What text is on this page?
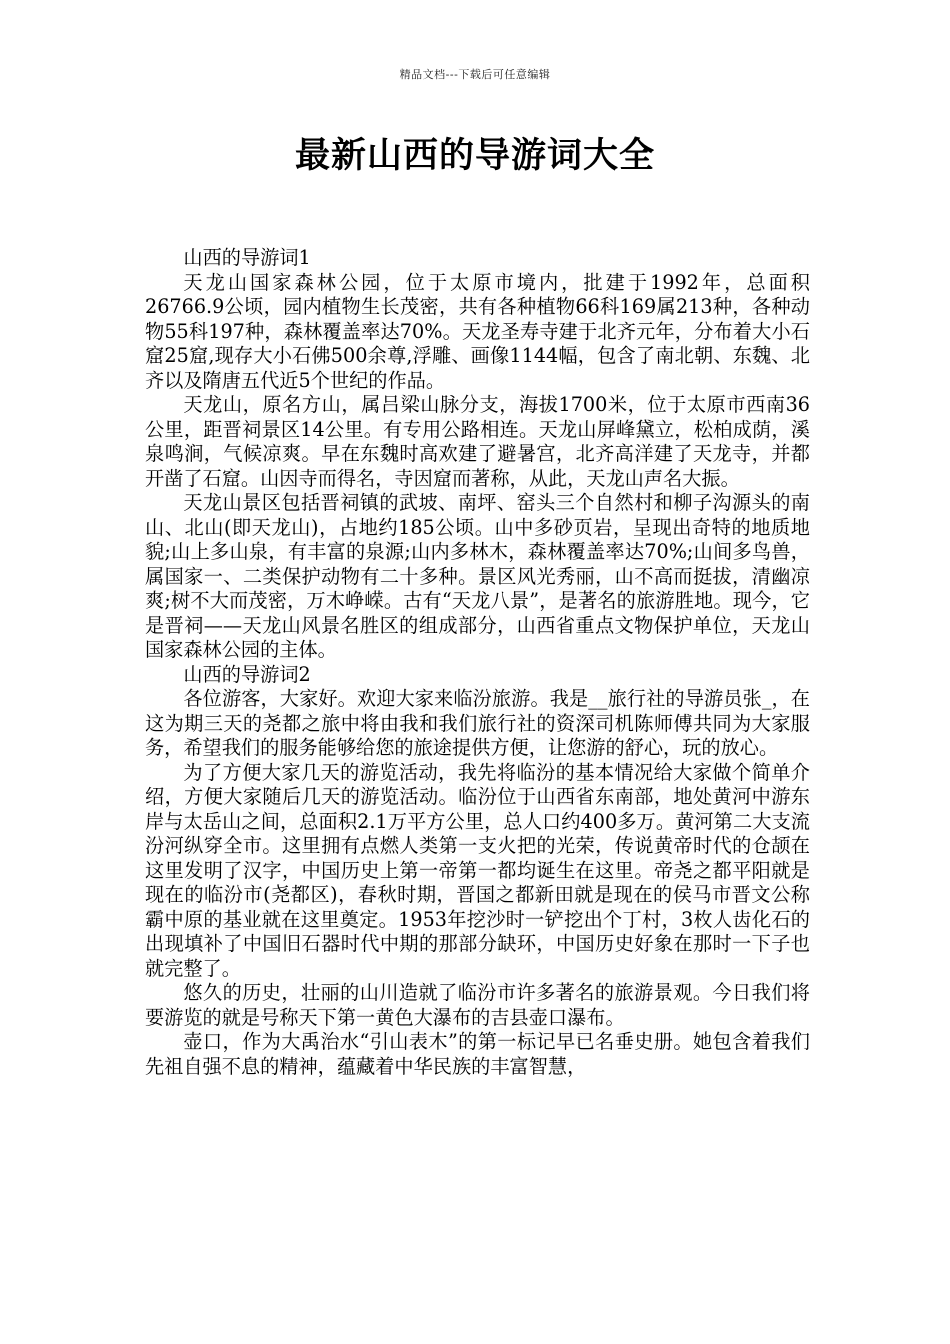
精品文档---下载后可任意编辑
最新山西的导游词大全

山西的导游词1

天龙山国家森林公园，位于太原市境内，批建于1992年，总面积26766.9公顷，园内植物生长茂密，共有各种植物66科169属213种，各种动物55科197种，森林覆盖率达70%。天龙圣寿寺建于北齐元年，分布着大小石窟25窟,现存大小石佛500余尊,浮雕、画像1144幅，包含了南北朝、东魏、北齐以及隋唐五代近5个世纪的作品。

天龙山，原名方山，属吕梁山脉分支，海拔1700米，位于太原市西南36公里，距晋祠景区14公里。有专用公路相连。天龙山屏峰黛立，松柏成荫，溪泉鸣涧，气候凉爽。早在东魏时高欢建了避暑宫，北齐高洋建了天龙寺，并都开凿了石窟。山因寺而得名，寺因窟而著称，从此，天龙山声名大振。

天龙山景区包括晋祠镇的武坡、南坪、窑头三个自然村和柳子沟源头的南山、北山(即天龙山)，占地约185公顷。山中多砂页岩，呈现出奇特的地质地貌;山上多山泉，有丰富的泉源;山内多林木，森林覆盖率达70%;山间多鸟兽，属国家一、二类保护动物有二十多种。景区风光秀丽，山不高而挺拔，清幽凉爽;树不大而茂密，万木峥嵘。古有“天龙八景”，是著名的旅游胜地。现今，它是晋祠——天龙山风景名胜区的组成部分，山西省重点文物保护单位，天龙山国家森林公园的主体。

山西的导游词2

各位游客，大家好。欢迎大家来临汾旅游。我是__旅行社的导游员张_，在这为期三天的尧都之旅中将由我和我们旅行社的资深司机陈师傅共同为大家服务，希望我们的服务能够给您的旅途提供方便，让您游的舒心，玩的放心。

为了方便大家几天的游览活动，我先将临汾的基本情况给大家做个简单介绍，方便大家随后几天的游览活动。临汾位于山西省东南部，地处黄河中游东岸与太岳山之间，总面积2.1万平方公里，总人口约400多万。黄河第二大支流汾河纵穿全市。这里拥有点燃人类第一支火把的光荣，传说黄帝时代的仓颉在这里发明了汉字，中国历史上第一帝第一都均诞生在这里。帝尧之都平阳就是现在的临汾市(尧都区)，春秋时期，晋国之都新田就是现在的侯马市晋文公称霸中原的基业就在这里奠定。1953年挖沙时一铲挖出个丁村，3枚人齿化石的出现填补了中国旧石器时代中期的那部分缺环，中国历史好象在那时一下子也就完整了。

悠久的历史，壮丽的山川造就了临汾市许多著名的旅游景观。今日我们将要游览的就是号称天下第一黄色大瀑布的吉县壶口瀑布。

壶口，作为大禹治水“引山表木”的第一标记早已名垂史册。她包含着我们先祖自强不息的精神，蕴藏着中华民族的丰富智慧，
